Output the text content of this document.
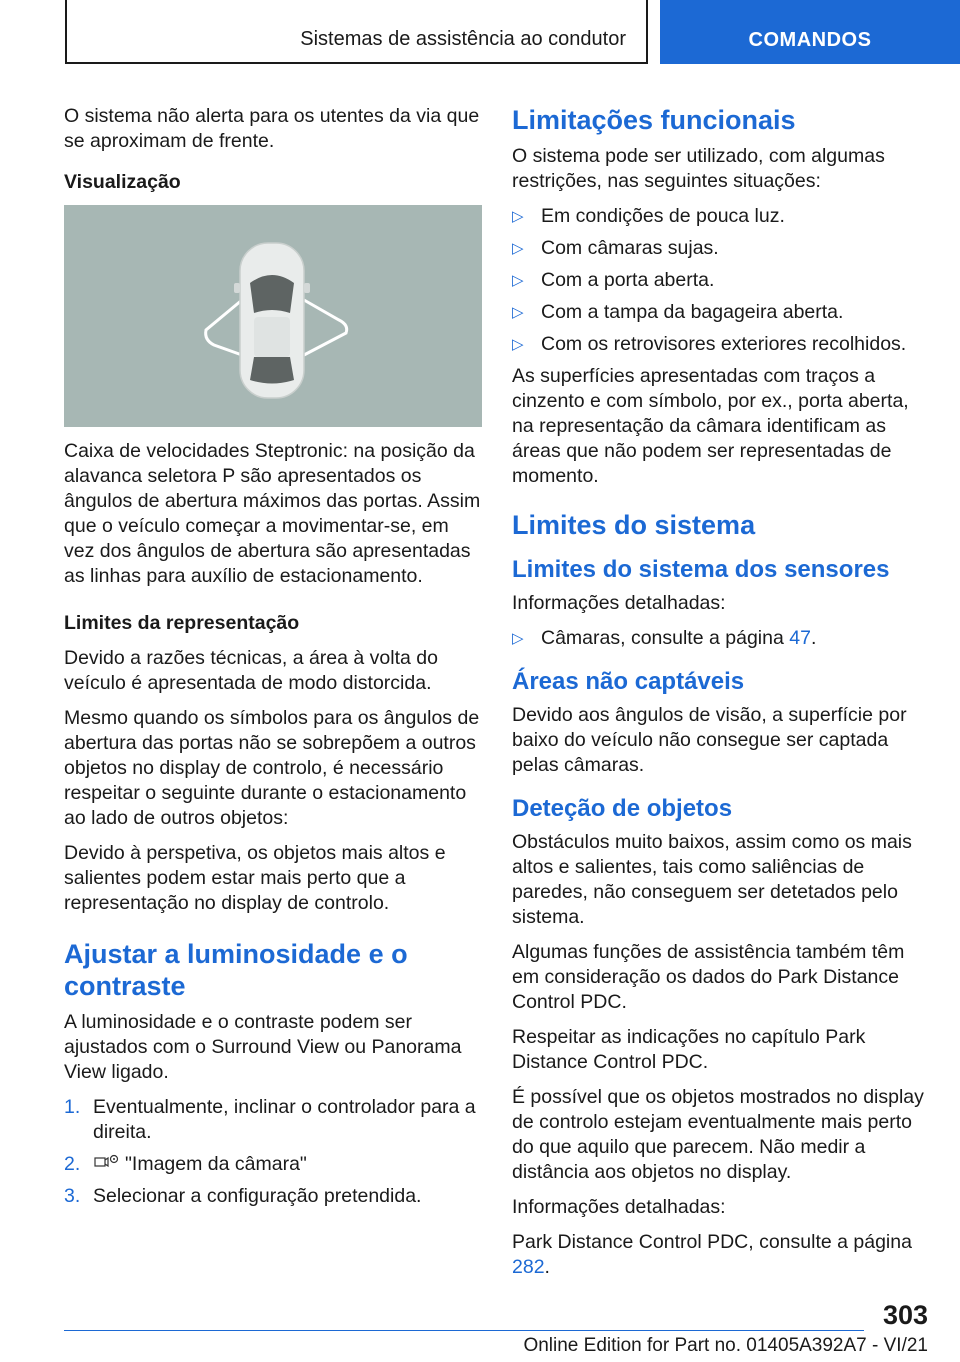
Sistemas de assistência ao condutor	COMANDOS

O sistema não alerta para os utentes da via que se aproximam de frente.

Visualização

Caixa de velocidades Steptronic: na posição da alavanca seletora P são apresentados os ângulos de abertura máximos das portas. Assim que o veículo começar a movimentar-se, em vez dos ângulos de abertura são apresentadas as linhas para auxílio de estacionamento.

Limites da representação

Devido a razões técnicas, a área à volta do veículo é apresentada de modo distorcida.

Mesmo quando os símbolos para os ângulos de abertura das portas não se sobrepõem a outros objetos no display de controlo, é necessário respeitar o seguinte durante o estacionamento ao lado de outros objetos:

Devido à perspetiva, os objetos mais altos e salientes podem estar mais perto que a representação no display de controlo.

Ajustar a luminosidade e o contraste

A luminosidade e o contraste podem ser ajustados com o Surround View ou Panorama View ligado.

1. Eventualmente, inclinar o controlador para a direita.
2. "Imagem da câmara"
3. Selecionar a configuração pretendida.
Limitações funcionais

O sistema pode ser utilizado, com algumas restrições, nas seguintes situações:

▷ Em condições de pouca luz.
▷ Com câmaras sujas.
▷ Com a porta aberta.
▷ Com a tampa da bagageira aberta.
▷ Com os retrovisores exteriores recolhidos.

As superfícies apresentadas com traços a cinzento e com símbolo, por ex., porta aberta, na representação da câmara identificam as áreas que não podem ser representadas de momento.

Limites do sistema
Limites do sistema dos sensores

Informações detalhadas:

▷ Câmaras, consulte a página 47.
Áreas não captáveis

Devido aos ângulos de visão, a superfície por baixo do veículo não consegue ser captada pelas câmaras.

Deteção de objetos

Obstáculos muito baixos, assim como os mais altos e salientes, tais como saliências de paredes, não conseguem ser detetados pelo sistema.

Algumas funções de assistência também têm em consideração os dados do Park Distance Control PDC.

Respeitar as indicações no capítulo Park Distance Control PDC.

É possível que os objetos mostrados no display de controlo estejam eventualmente mais perto do que aquilo que parecem. Não medir a distância aos objetos no display.

Informações detalhadas:

Park Distance Control PDC, consulte a página 282.

303
Online Edition for Part no. 01405A392A7 - VI/21
